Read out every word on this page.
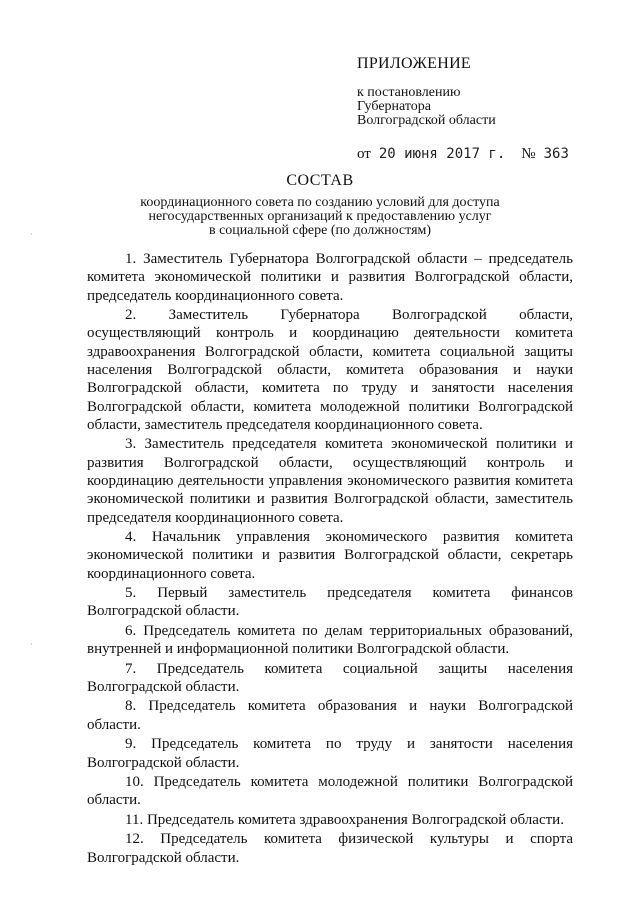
ПРИЛОЖЕНИЕ
к постановлению
Губернатора
Волгоградской области
от 20 июня 2017 г. № 363
СОСТАВ
координационного совета по созданию условий для доступа
негосударственных организаций к предоставлению услуг
в социальной сфере (по должностям)

1. Заместитель Губернатора Волгоградской области – председатель комитета экономической политики и развития Волгоградской области, председатель координационного совета.

2. Заместитель Губернатора Волгоградской области, осуществляющий контроль и координацию деятельности комитета здравоохранения Волгоградской области, комитета социальной защиты населения Волгоградской области, комитета образования и науки Волгоградской области, комитета по труду и занятости населения Волгоградской области, комитета молодежной политики Волгоградской области, заместитель председателя координационного совета.

3. Заместитель председателя комитета экономической политики и развития Волгоградской области, осуществляющий контроль и координацию деятельности управления экономического развития комитета экономической политики и развития Волгоградской области, заместитель председателя координационного совета.

4. Начальник управления экономического развития комитета экономической политики и развития Волгоградской области, секретарь координационного совета.

5. Первый заместитель председателя комитета финансов Волгоградской области.

6. Председатель комитета по делам территориальных образований, внутренней и информационной политики Волгоградской области.

7. Председатель комитета социальной защиты населения Волгоградской области.

8. Председатель комитета образования и науки Волгоградской области.

9. Председатель комитета по труду и занятости населения Волгоградской области.

10. Председатель комитета молодежной политики Волгоградской области.

11. Председатель комитета здравоохранения Волгоградской области.

12. Председатель комитета физической культуры и спорта Волгоградской области.

·
·
